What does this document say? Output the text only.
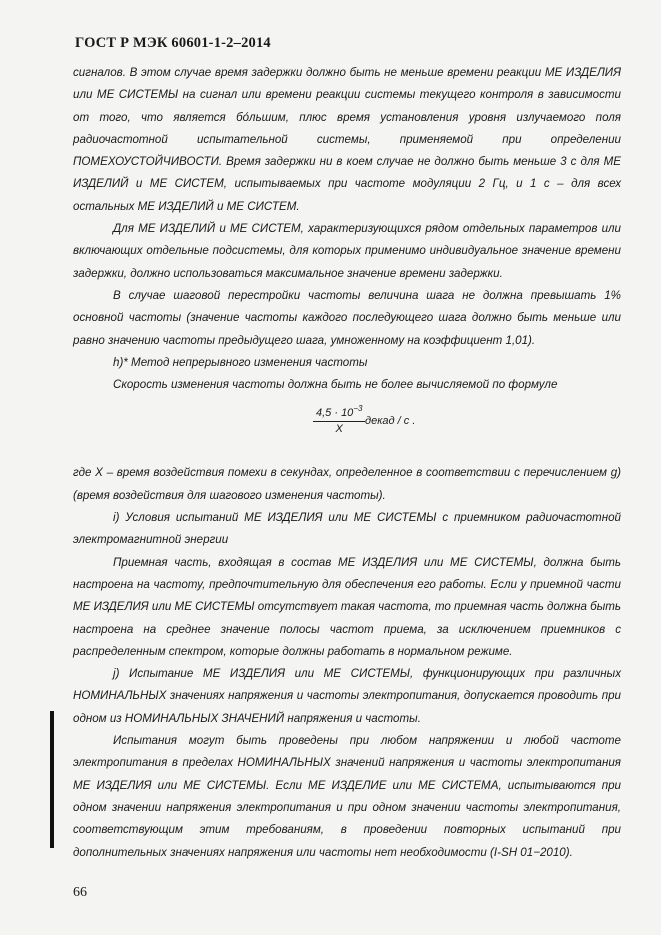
ГОСТ Р МЭК 60601-1-2–2014

сигналов. В этом случае время задержки должно быть не меньше времени реакции МЕ ИЗДЕЛИЯ или МЕ СИСТЕМЫ на сигнал или времени реакции системы текущего контроля в зависимости от того, что является бо́льшим, плюс время установления уровня излучаемого поля радиочастотной испытательной системы, применяемой при определении ПОМЕХОУСТОЙЧИВОСТИ. Время задержки ни в коем случае не должно быть меньше 3 с для МЕ ИЗДЕЛИЙ и МЕ СИСТЕМ, испытываемых при частоте модуляции 2 Гц, и 1 с – для всех остальных МЕ ИЗДЕЛИЙ и МЕ СИСТЕМ.

Для МЕ ИЗДЕЛИЙ и МЕ СИСТЕМ, характеризующихся рядом отдельных параметров или включающих отдельные подсистемы, для которых применимо индивидуальное значение времени задержки, должно использоваться максимальное значение времени задержки.

В случае шаговой перестройки частоты величина шага не должна превышать 1% основной частоты (значение частоты каждого последующего шага должно быть меньше или равно значению частоты предыдущего шага, умноженному на коэффициент 1,01).

h)* Метод непрерывного изменения частоты

Скорость изменения частоты должна быть не более вычисляемой по формуле

$\frac{4,5 \cdot 10^{-3}}{X}$ декад / с .

где X – время воздействия помехи в секундах, определенное в соответствии с перечислением g) (время воздействия для шагового изменения частоты).

i) Условия испытаний МЕ ИЗДЕЛИЯ или МЕ СИСТЕМЫ с приемником радиочастотной электромагнитной энергии

Приемная часть, входящая в состав МЕ ИЗДЕЛИЯ или МЕ СИСТЕМЫ, должна быть настроена на частоту, предпочтительную для обеспечения его работы. Если у приемной части МЕ ИЗДЕЛИЯ или МЕ СИСТЕМЫ отсутствует такая частота, то приемная часть должна быть настроена на среднее значение полосы частот приема, за исключением приемников с распределенным спектром, которые должны работать в нормальном режиме.

j) Испытание МЕ ИЗДЕЛИЯ или МЕ СИСТЕМЫ, функционирующих при различных НОМИНАЛЬНЫХ значениях напряжения и частоты электропитания, допускается проводить при одном из НОМИНАЛЬНЫХ ЗНАЧЕНИЙ напряжения и частоты.

Испытания могут быть проведены при любом напряжении и любой частоте электропитания в пределах НОМИНАЛЬНЫХ значений напряжения и частоты электропитания МЕ ИЗДЕЛИЯ или МЕ СИСТЕМЫ. Если МЕ ИЗДЕЛИЕ или МЕ СИСТЕМА, испытываются при одном значении напряжения электропитания и при одном значении частоты электропитания, соответствующим этим требованиям, в проведении повторных испытаний при дополнительных значениях напряжения или частоты нет необходимости (I-SH 01−2010).

66
